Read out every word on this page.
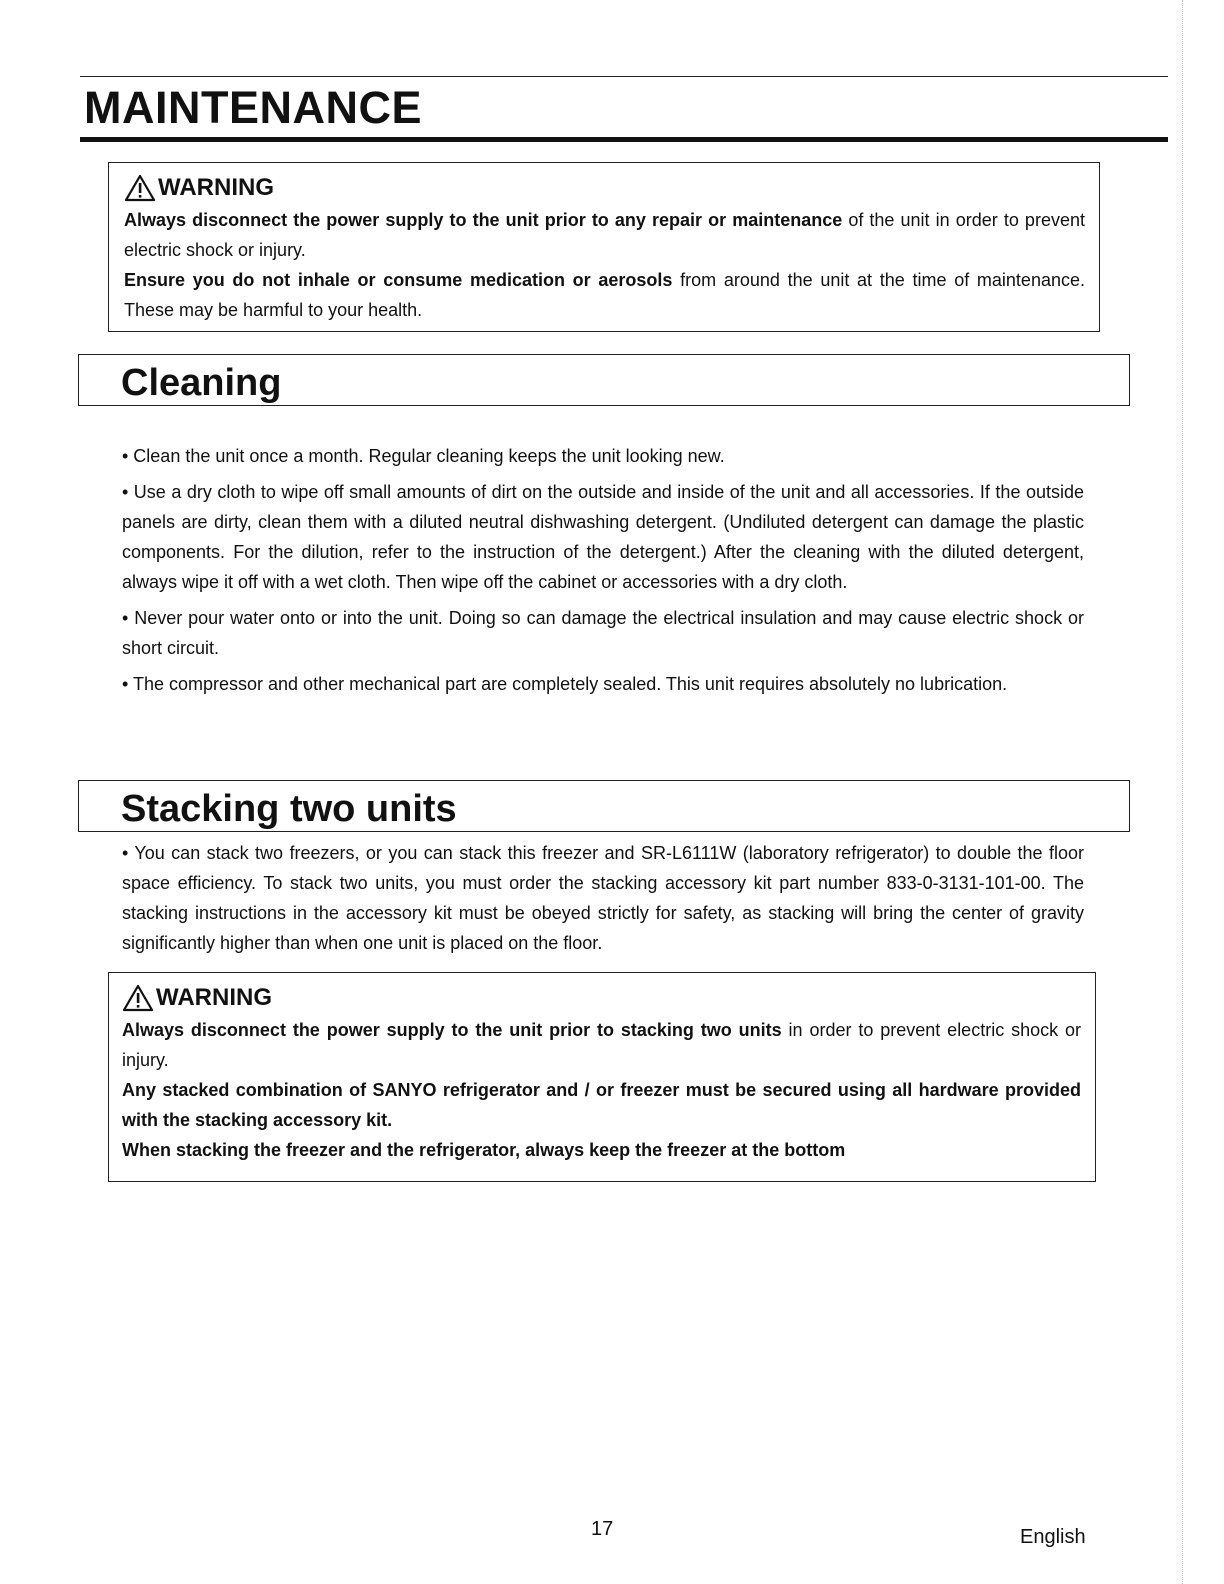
MAINTENANCE
WARNING

Always disconnect the power supply to the unit prior to any repair or maintenance of the unit in order to prevent electric shock or injury.

Ensure you do not inhale or consume medication or aerosols from around the unit at the time of maintenance. These may be harmful to your health.

Cleaning

• Clean the unit once a month. Regular cleaning keeps the unit looking new.

• Use a dry cloth to wipe off small amounts of dirt on the outside and inside of the unit and all accessories. If the outside panels are dirty, clean them with a diluted neutral dishwashing detergent. (Undiluted detergent can damage the plastic components. For the dilution, refer to the instruction of the detergent.) After the cleaning with the diluted detergent, always wipe it off with a wet cloth. Then wipe off the cabinet or accessories with a dry cloth.

• Never pour water onto or into the unit. Doing so can damage the electrical insulation and may cause electric shock or short circuit.

• The compressor and other mechanical part are completely sealed. This unit requires absolutely no lubrication.

Stacking two units

• You can stack two freezers, or you can stack this freezer and SR-L6111W (laboratory refrigerator) to double the floor space efficiency. To stack two units, you must order the stacking accessory kit part number 833-0-3131-101-00. The stacking instructions in the accessory kit must be obeyed strictly for safety, as stacking will bring the center of gravity significantly higher than when one unit is placed on the floor.

WARNING

Always disconnect the power supply to the unit prior to stacking two units in order to prevent electric shock or injury.

Any stacked combination of SANYO refrigerator and / or freezer must be secured using all hardware provided with the stacking accessory kit.

When stacking the freezer and the refrigerator, always keep the freezer at the bottom

17	English
